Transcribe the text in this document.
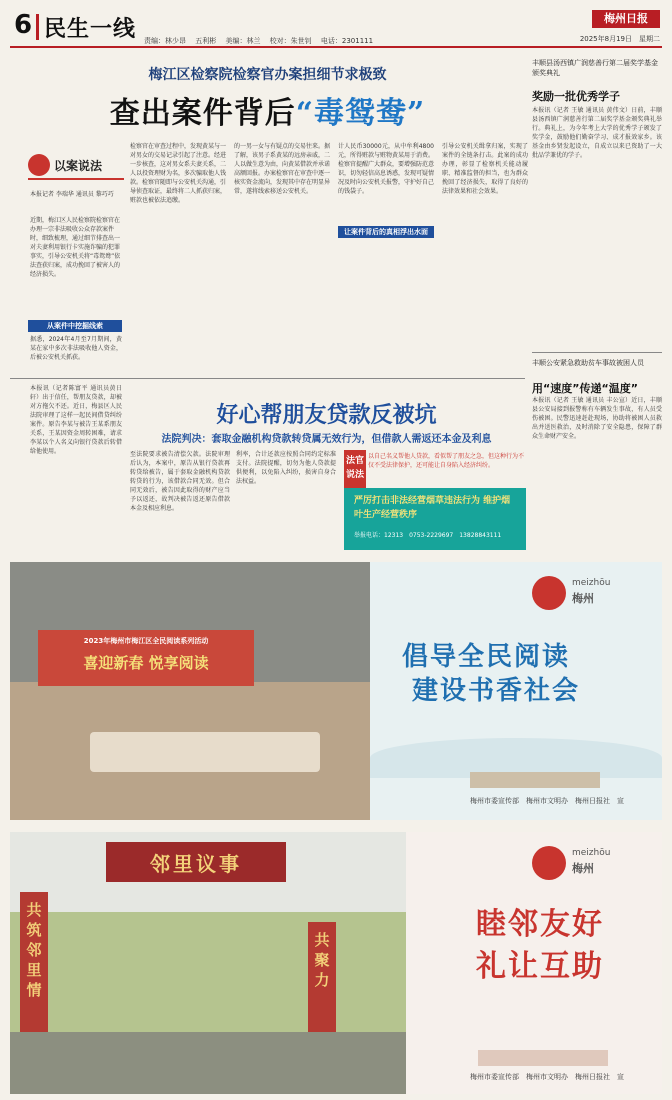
6 民生一线 责编：林少昂　 五利彬　 美编：林兰　 校对：朱世钊　 电话：2301111
梅州日报
2025年8月19日　星期二
梅江区检察院检察官办案担细节求极致
查出案件背后“毒鸳鸯”
以案说法
本报记者 李瑞华 通讯员 黎巧巧
近期，梅江区人民检察院检察官在办理一宗非法吸收公众存款案件时，细致梳理，通过细节排查出一对夫妻利用银行卡实施诈骗的犯罪事实，引导公安机关将“毒鸳鸯”依法查获归案，成功挽回了被害人的经济损失。
从案件中挖掘线索
据悉，2024年4月至7月期间，黄某在家中多次非法吸收他人资金，后被公安机关抓获。
检察官在审查过程中，发现黄某与一对男女的交易记录引起了注意。经进一步核查，这对男女系夫妻关系，二人以投资理财为名，多次骗取他人钱款。检察官随即与公安机关沟通，引导侦查取证，最终将二人抓获归案，赃款也被依法追缴。
的一男一女与有疑点的交易往来。据了解，该男子系黄某的远房亲戚，二人以做生意为由，向黄某借款并承诺高额回报。办案检察官在审查中逐一核实资金流向，发现其中存在明显异常，遂将线索移送公安机关。
计人民币30000元，从中牟利4800元，所得赃款与赃物黄某用于消费。检察官提醒广大群众，要增强防范意识，切勿轻信高息诱惑，发现可疑情况及时向公安机关报警，守护好自己的钱袋子。
让案件背后的真相浮出水面
引导公安机关缉拿归案，实现了案件的全链条打击。此案的成功办理，彰显了检察机关能动履职、精准监督的担当，也为群众挽回了经济损失，取得了良好的法律效果和社会效果。
本报讯（记者陈富平 通讯员黄日轩）出于信任，帮朋友贷款，却被对方拖欠不还。近日，梅县区人民法院审理了这样一起民间借贷纠纷案件。原告李某与被告王某系朋友关系，王某因资金周转困难，请求李某以个人名义向银行贷款后转借给他使用。
好心帮朋友贷款反被坑
法院判决：套取金融机构贷款转贷属无效行为，但借款人需返还本金及利息
至法院要求被告清偿欠款。法院审理后认为，本案中，原告从银行贷款再转贷给被告，属于套取金融机构贷款转贷的行为，该借款合同无效。但合同无效后，被告因此取得的财产应当予以返还，故判决被告返还原告借款本金及相应利息。
利率，合计还款应按照合同约定标准支付。法院提醒，切勿为他人贷款提供便利，以免陷入纠纷，损害自身合法权益。
法官说法
以自己名义帮他人贷款，看似帮了朋友之急，但这种行为不仅不受法律保护，还可能让自身陷入经济纠纷。
严厉打击非法经营烟草违法行为 维护烟叶生产经营秩序
举报电话：12313　0753-2229697　13828843111
丰顺县汤西镇广润慈善行第二届奖学基金颁奖典礼
奖励一批优秀学子
本报讯（记者 王敏 通讯员 黄伟文）日前，丰顺县汤西镇广润慈善行第二届奖学基金颁奖典礼举行。典礼上，为今年考上大学的优秀学子颁发了奖学金，鼓励他们勤奋学习、成才报效家乡。该基金由乡贤发起设立，自成立以来已资助了一大批品学兼优的学子。
丰顺公安紧急救助贫车事故被困人员
用“速度”传递“温度”
本报讯（记者 王敏 通讯员 丰公宣）近日，丰顺县公安局接到报警称有车辆发生事故，有人员受伤被困。民警迅速赶赴现场，协助将被困人员救出并送医救治，及时消除了安全隐患，保障了群众生命财产安全。
2023年梅州市梅江区全民阅读系列活动
喜迎新春 悦享阅读
meizhōu
梅州
倡导全民阅读
建设书香社会
梅州市委宣传部　梅州市文明办　梅州日报社　宣
邻里议事
共筑邻里情
共聚力
meizhōu
梅州
睦邻友好
礼让互助
梅州市委宣传部　梅州市文明办　梅州日报社　宣
